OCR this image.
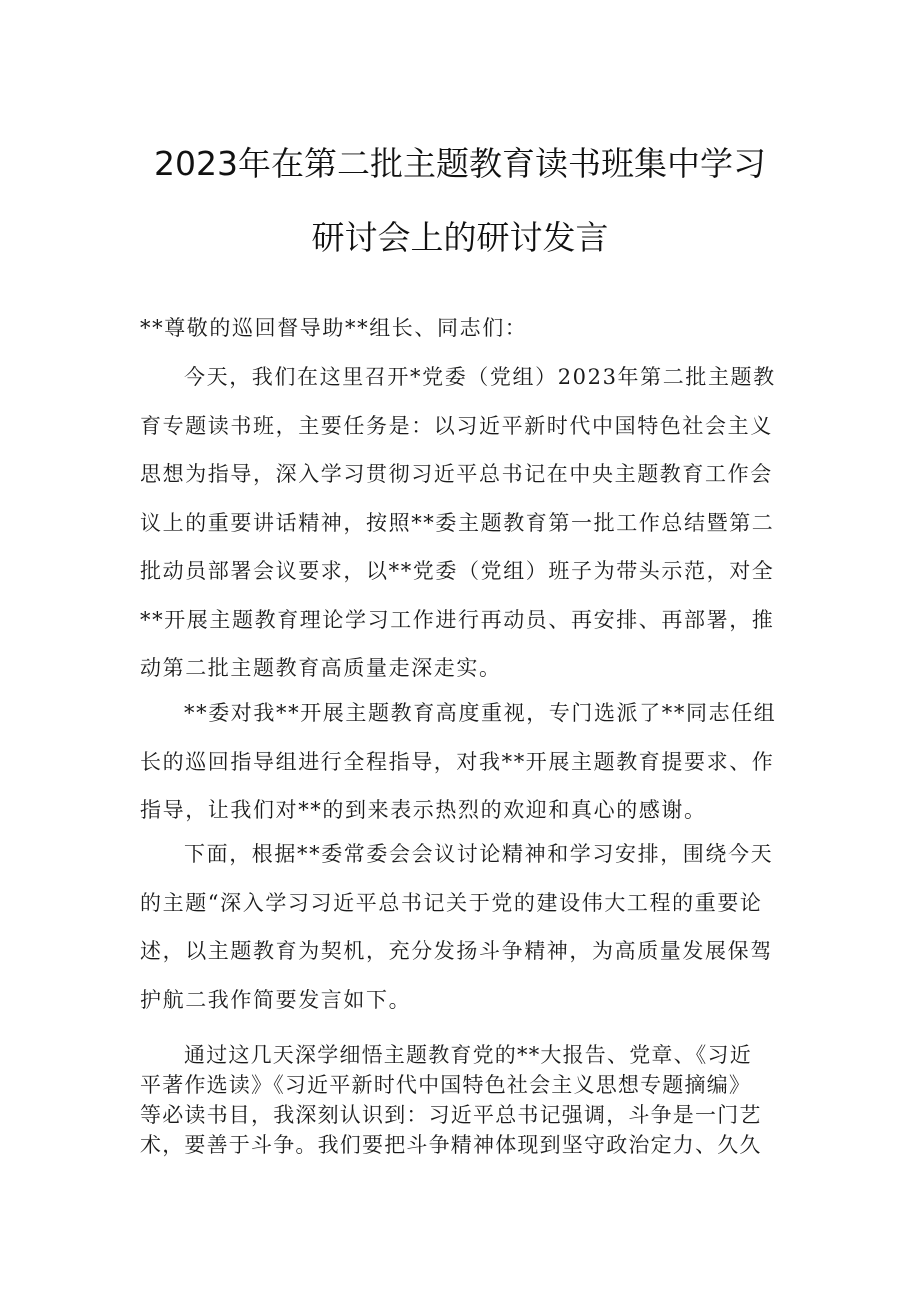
2023年在第二批主题教育读书班集中学习
研讨会上的研讨发言
**尊敬的巡回督导助**组长、同志们：
今天，我们在这里召开*党委（党组）2023年第二批主题教
育专题读书班，主要任务是：以习近平新时代中国特色社会主义
思想为指导，深入学习贯彻习近平总书记在中央主题教育工作会
议上的重要讲话精神，按照**委主题教育第一批工作总结暨第二
批动员部署会议要求，以**党委（党组）班子为带头示范，对全
**开展主题教育理论学习工作进行再动员、再安排、再部署，推
动第二批主题教育高质量走深走实。
**委对我**开展主题教育高度重视，专门选派了**同志任组
长的巡回指导组进行全程指导，对我**开展主题教育提要求、作
指导，让我们对**的到来表示热烈的欢迎和真心的感谢。
下面，根据**委常委会会议讨论精神和学习安排，围绕今天
的主题“深入学习习近平总书记关于党的建设伟大工程的重要论
述，以主题教育为契机，充分发扬斗争精神，为高质量发展保驾
护航二我作简要发言如下。
通过这几天深学细悟主题教育党的**大报告、党章、《习近
平著作选读》《习近平新时代中国特色社会主义思想专题摘编》
等必读书目，我深刻认识到：习近平总书记强调，斗争是一门艺
术，要善于斗争。我们要把斗争精神体现到坚守政治定力、久久
